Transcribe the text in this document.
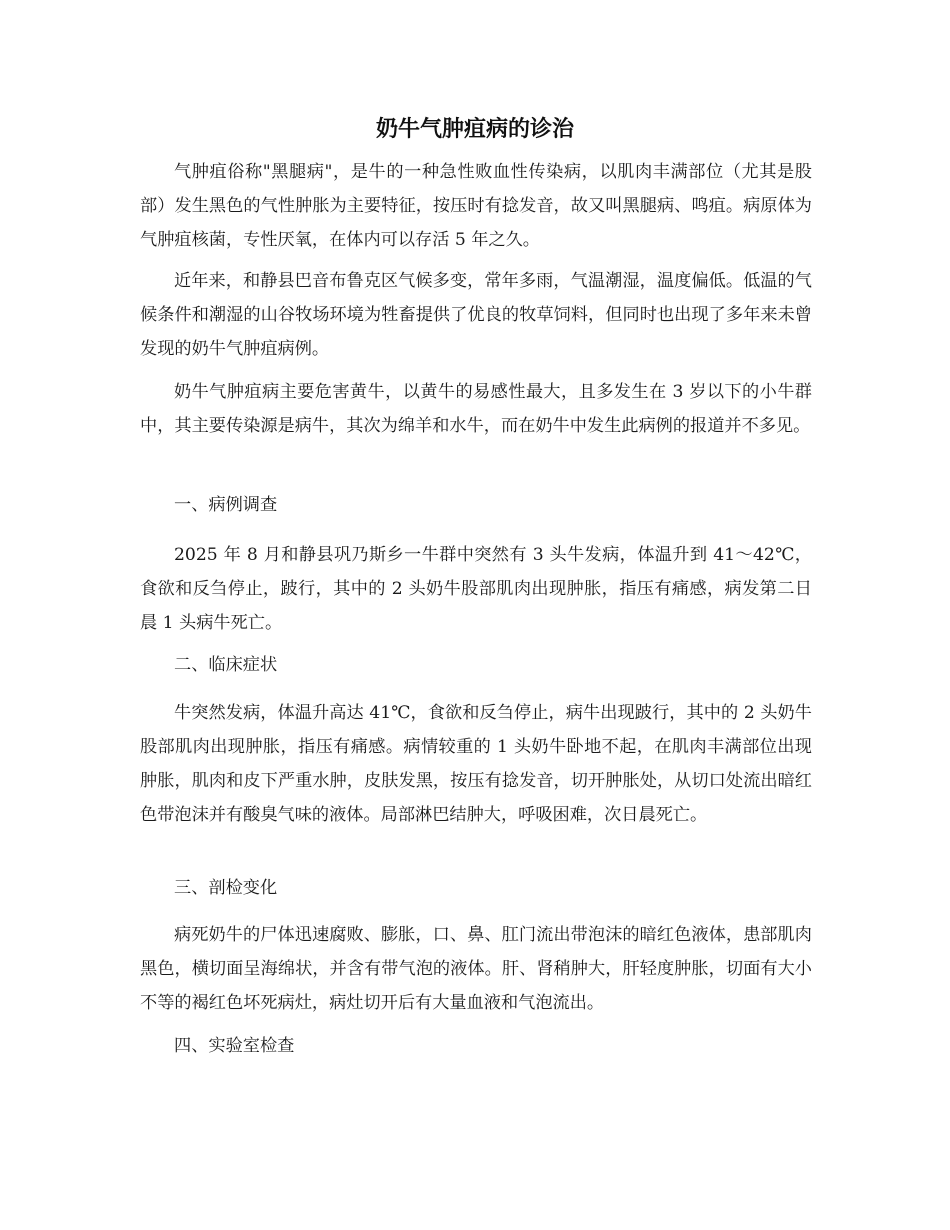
奶牛气肿疽病的诊治

气肿疽俗称"黑腿病"，是牛的一种急性败血性传染病，以肌肉丰满部位（尤其是股部）发生黑色的气性肿胀为主要特征，按压时有捻发音，故又叫黑腿病、鸣疽。病原体为气肿疽核菌，专性厌氧，在体内可以存活 5 年之久。

近年来，和静县巴音布鲁克区气候多变，常年多雨，气温潮湿，温度偏低。低温的气候条件和潮湿的山谷牧场环境为牲畜提供了优良的牧草饲料，但同时也出现了多年来未曾发现的奶牛气肿疽病例。

奶牛气肿疽病主要危害黄牛，以黄牛的易感性最大，且多发生在 3 岁以下的小牛群中，其主要传染源是病牛，其次为绵羊和水牛，而在奶牛中发生此病例的报道并不多见。

一、病例调查

2025 年 8 月和静县巩乃斯乡一牛群中突然有 3 头牛发病，体温升到 41～42℃，食欲和反刍停止，跛行，其中的 2 头奶牛股部肌肉出现肿胀，指压有痛感，病发第二日晨 1 头病牛死亡。

二、临床症状

牛突然发病，体温升高达 41℃，食欲和反刍停止，病牛出现跛行，其中的 2 头奶牛股部肌肉出现肿胀，指压有痛感。病情较重的 1 头奶牛卧地不起，在肌肉丰满部位出现肿胀，肌肉和皮下严重水肿，皮肤发黑，按压有捻发音，切开肿胀处，从切口处流出暗红色带泡沫并有酸臭气味的液体。局部淋巴结肿大，呼吸困难，次日晨死亡。

三、剖检变化

病死奶牛的尸体迅速腐败、膨胀，口、鼻、肛门流出带泡沫的暗红色液体，患部肌肉黑色，横切面呈海绵状，并含有带气泡的液体。肝、肾稍肿大，肝轻度肿胀，切面有大小不等的褐红色坏死病灶，病灶切开后有大量血液和气泡流出。

四、实验室检查
